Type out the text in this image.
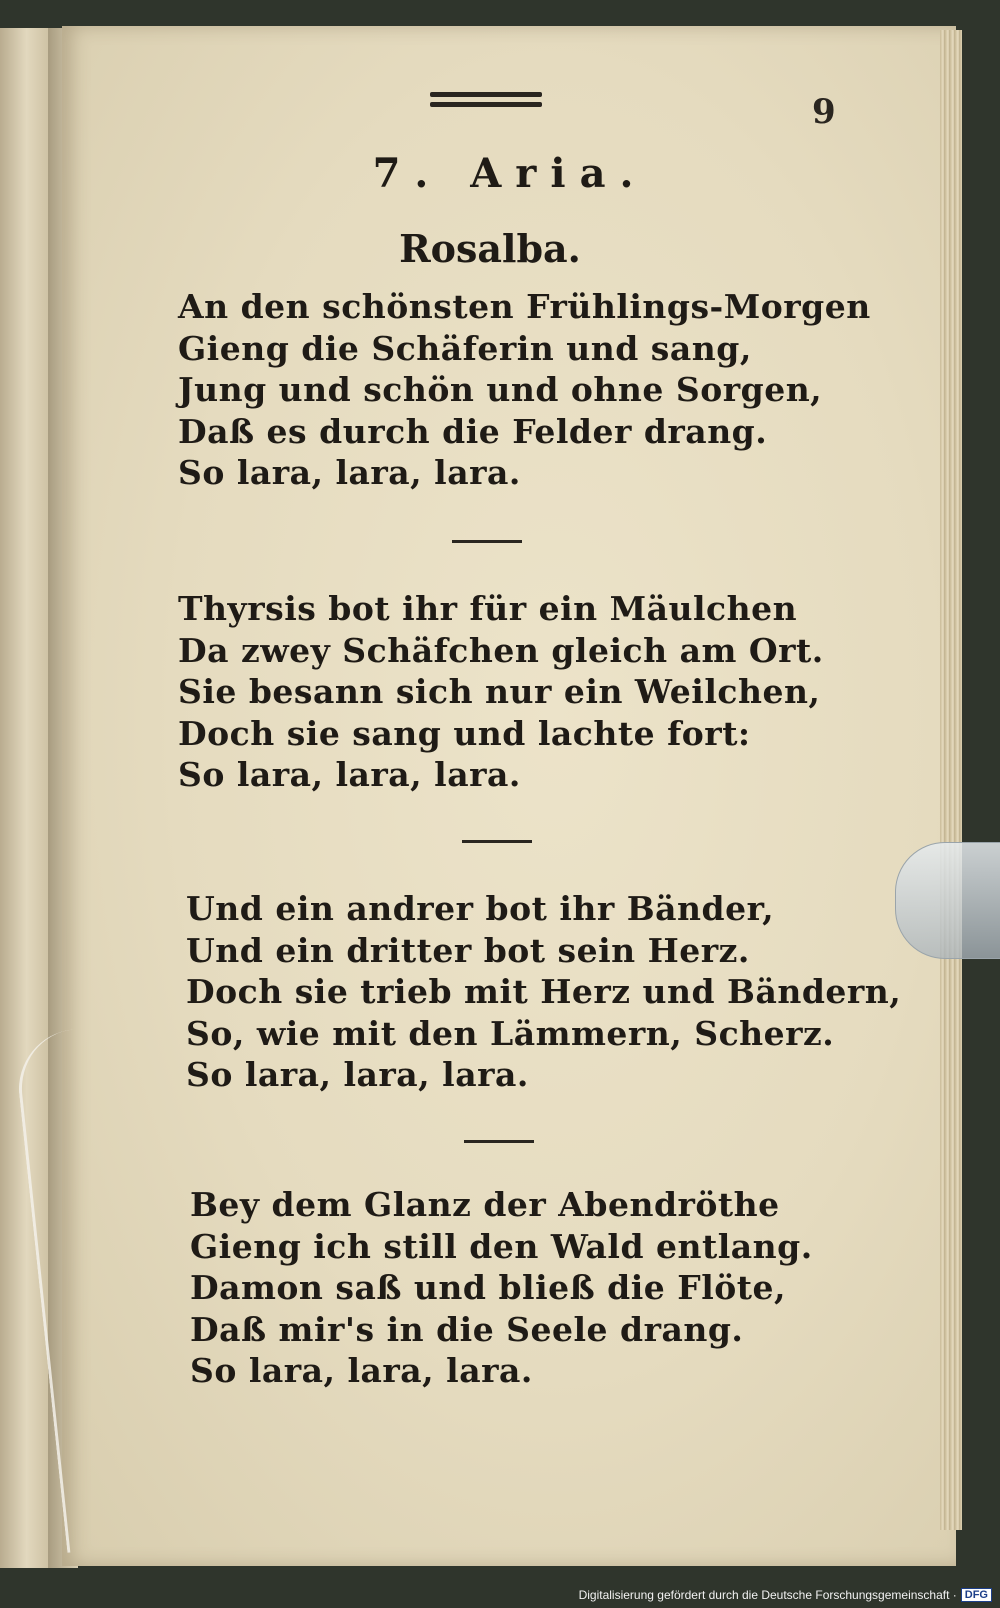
9
7. Aria.
Rosalba.
An den schönsten Frühlings-Morgen
Gieng die Schäferin und sang,
Jung und schön und ohne Sorgen,
Daß es durch die Felder drang.
So lara, lara, lara.
Thyrsis bot ihr für ein Mäulchen
Da zwey Schäfchen gleich am Ort.
Sie besann sich nur ein Weilchen,
Doch sie sang und lachte fort:
So lara, lara, lara.
Und ein andrer bot ihr Bänder,
Und ein dritter bot sein Herz.
Doch sie trieb mit Herz und Bändern,
So, wie mit den Lämmern, Scherz.
So lara, lara, lara.
Bey dem Glanz der Abendröthe
Gieng ich still den Wald entlang.
Damon saß und bließ die Flöte,
Daß mir's in die Seele drang.
So lara, lara, lara.
Digitalisierung gefördert durch die Deutsche Forschungsgemeinschaft · DFG
